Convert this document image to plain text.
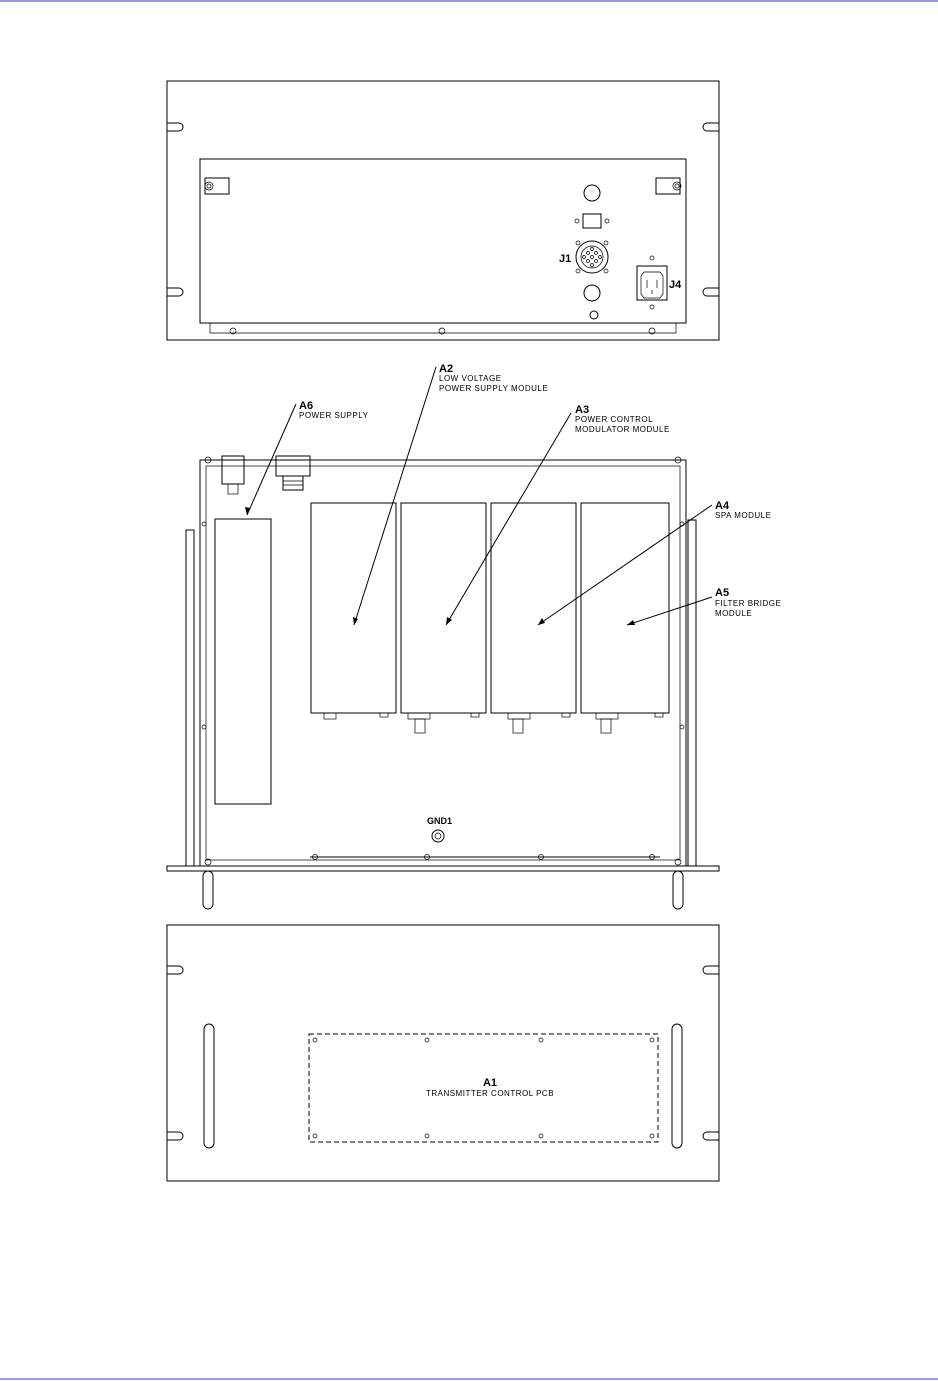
J1
J4
GND1
A6
POWER SUPPLY
A2
LOW VOLTAGE
POWER SUPPLY MODULE
A3
POWER CONTROL
MODULATOR MODULE
A4
SPA MODULE
A5
FILTER BRIDGE
MODULE
A1
TRANSMITTER CONTROL PCB
